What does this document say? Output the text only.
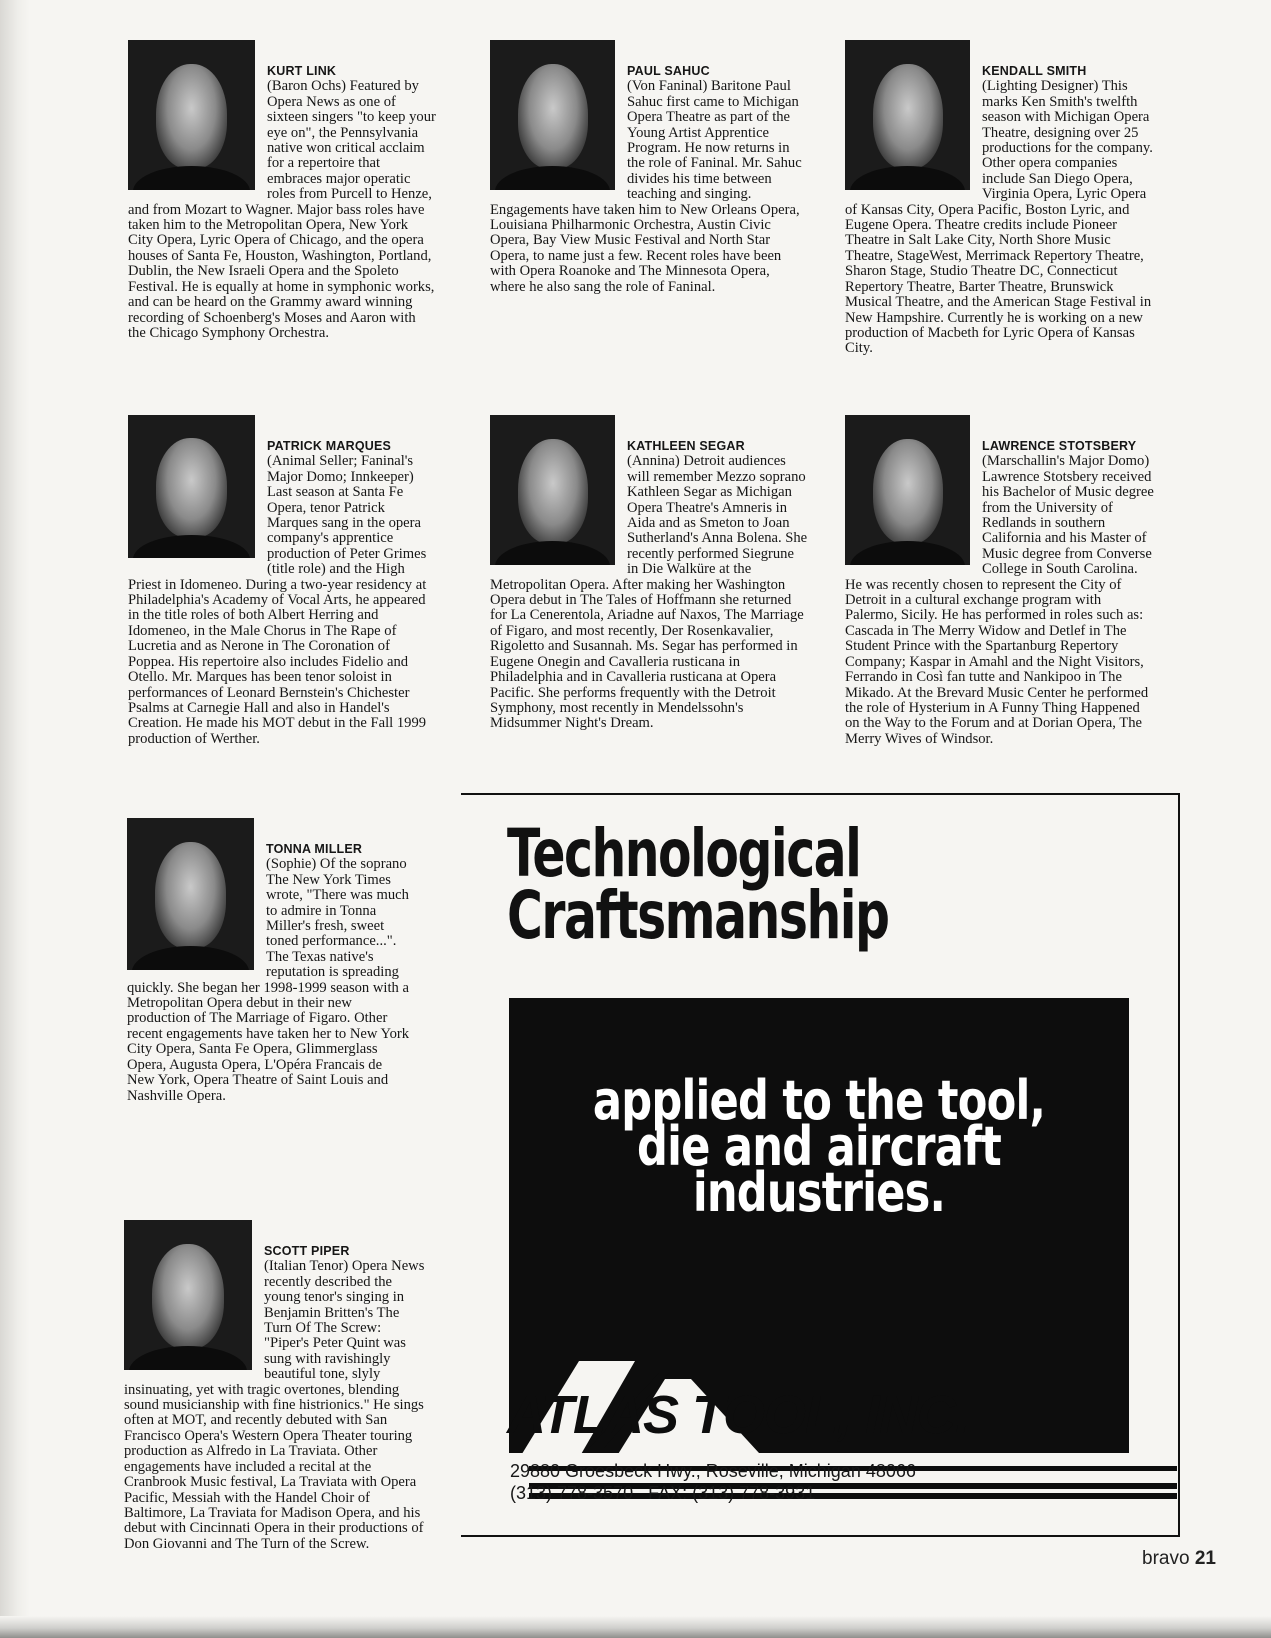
KURT LINK

(Baron Ochs) Featured by Opera News as one of sixteen singers "to keep your eye on", the Pennsylvania native won critical acclaim for a repertoire that embraces major operatic roles from Purcell to Henze, and from Mozart to Wagner. Major bass roles have taken him to the Metropolitan Opera, New York City Opera, Lyric Opera of Chicago, and the opera houses of Santa Fe, Houston, Washington, Portland, Dublin, the New Israeli Opera and the Spoleto Festival. He is equally at home in symphonic works, and can be heard on the Grammy award winning recording of Schoenberg's Moses and Aaron with the Chicago Symphony Orchestra.

PAUL SAHUC

(Von Faninal) Baritone Paul Sahuc first came to Michigan Opera Theatre as part of the Young Artist Apprentice Program. He now returns in the role of Faninal. Mr. Sahuc divides his time between teaching and singing. Engagements have taken him to New Orleans Opera, Louisiana Philharmonic Orchestra, Austin Civic Opera, Bay View Music Festival and North Star Opera, to name just a few. Recent roles have been with Opera Roanoke and The Minnesota Opera, where he also sang the role of Faninal.

KENDALL SMITH

(Lighting Designer) This marks Ken Smith's twelfth season with Michigan Opera Theatre, designing over 25 productions for the company. Other opera companies include San Diego Opera, Virginia Opera, Lyric Opera of Kansas City, Opera Pacific, Boston Lyric, and Eugene Opera. Theatre credits include Pioneer Theatre in Salt Lake City, North Shore Music Theatre, StageWest, Merrimack Repertory Theatre, Sharon Stage, Studio Theatre DC, Connecticut Repertory Theatre, Barter Theatre, Brunswick Musical Theatre, and the American Stage Festival in New Hampshire. Currently he is working on a new production of Macbeth for Lyric Opera of Kansas City.

PATRICK MARQUES

(Animal Seller; Faninal's Major Domo; Innkeeper) Last season at Santa Fe Opera, tenor Patrick Marques sang in the opera company's apprentice production of Peter Grimes (title role) and the High Priest in Idomeneo. During a two-year residency at Philadelphia's Academy of Vocal Arts, he appeared in the title roles of both Albert Herring and Idomeneo, in the Male Chorus in The Rape of Lucretia and as Nerone in The Coronation of Poppea. His repertoire also includes Fidelio and Otello. Mr. Marques has been tenor soloist in performances of Leonard Bernstein's Chichester Psalms at Carnegie Hall and also in Handel's Creation. He made his MOT debut in the Fall 1999 production of Werther.

KATHLEEN SEGAR

(Annina) Detroit audiences will remember Mezzo soprano Kathleen Segar as Michigan Opera Theatre's Amneris in Aida and as Smeton to Joan Sutherland's Anna Bolena. She recently performed Siegrune in Die Walküre at the Metropolitan Opera. After making her Washington Opera debut in The Tales of Hoffmann she returned for La Cenerentola, Ariadne auf Naxos, The Marriage of Figaro, and most recently, Der Rosenkavalier, Rigoletto and Susannah. Ms. Segar has performed in Eugene Onegin and Cavalleria rusticana in Philadelphia and in Cavalleria rusticana at Opera Pacific. She performs frequently with the Detroit Symphony, most recently in Mendelssohn's Midsummer Night's Dream.

LAWRENCE STOTSBERY

(Marschallin's Major Domo) Lawrence Stotsbery received his Bachelor of Music degree from the University of Redlands in southern California and his Master of Music degree from Converse College in South Carolina. He was recently chosen to represent the City of Detroit in a cultural exchange program with Palermo, Sicily. He has performed in roles such as: Cascada in The Merry Widow and Detlef in The Student Prince with the Spartanburg Repertory Company; Kaspar in Amahl and the Night Visitors, Ferrando in Così fan tutte and Nankipoo in The Mikado. At the Brevard Music Center he performed the role of Hysterium in A Funny Thing Happened on the Way to the Forum and at Dorian Opera, The Merry Wives of Windsor.

TONNA MILLER

(Sophie) Of the soprano The New York Times wrote, "There was much to admire in Tonna Miller's fresh, sweet toned performance...". The Texas native's reputation is spreading quickly. She began her 1998-1999 season with a Metropolitan Opera debut in their new production of The Marriage of Figaro. Other recent engagements have taken her to New York City Opera, Santa Fe Opera, Glimmerglass Opera, Augusta Opera, L'Opéra Francais de New York, Opera Theatre of Saint Louis and Nashville Opera.

SCOTT PIPER

(Italian Tenor) Opera News recently described the young tenor's singing in Benjamin Britten's The Turn Of The Screw: "Piper's Peter Quint was sung with ravishingly beautiful tone, slyly insinuating, yet with tragic overtones, blending sound musicianship with fine histrionics." He sings often at MOT, and recently debuted with San Francisco Opera's Western Opera Theater touring production as Alfredo in La Traviata. Other engagements have included a recital at the Cranbrook Music festival, La Traviata with Opera Pacific, Messiah with the Handel Choir of Baltimore, La Traviata for Madison Opera, and his debut with Cincinnati Opera in their productions of Don Giovanni and The Turn of the Screw.

Technological
Craftsmanship
applied to the tool,
die and aircraft
industries.
ATLAS TOOL, INC.
29880 Groesbeck Hwy., Roseville, Michigan 48066
(313) 778-3570   FAX: (313) 778-3931
bravo 21
